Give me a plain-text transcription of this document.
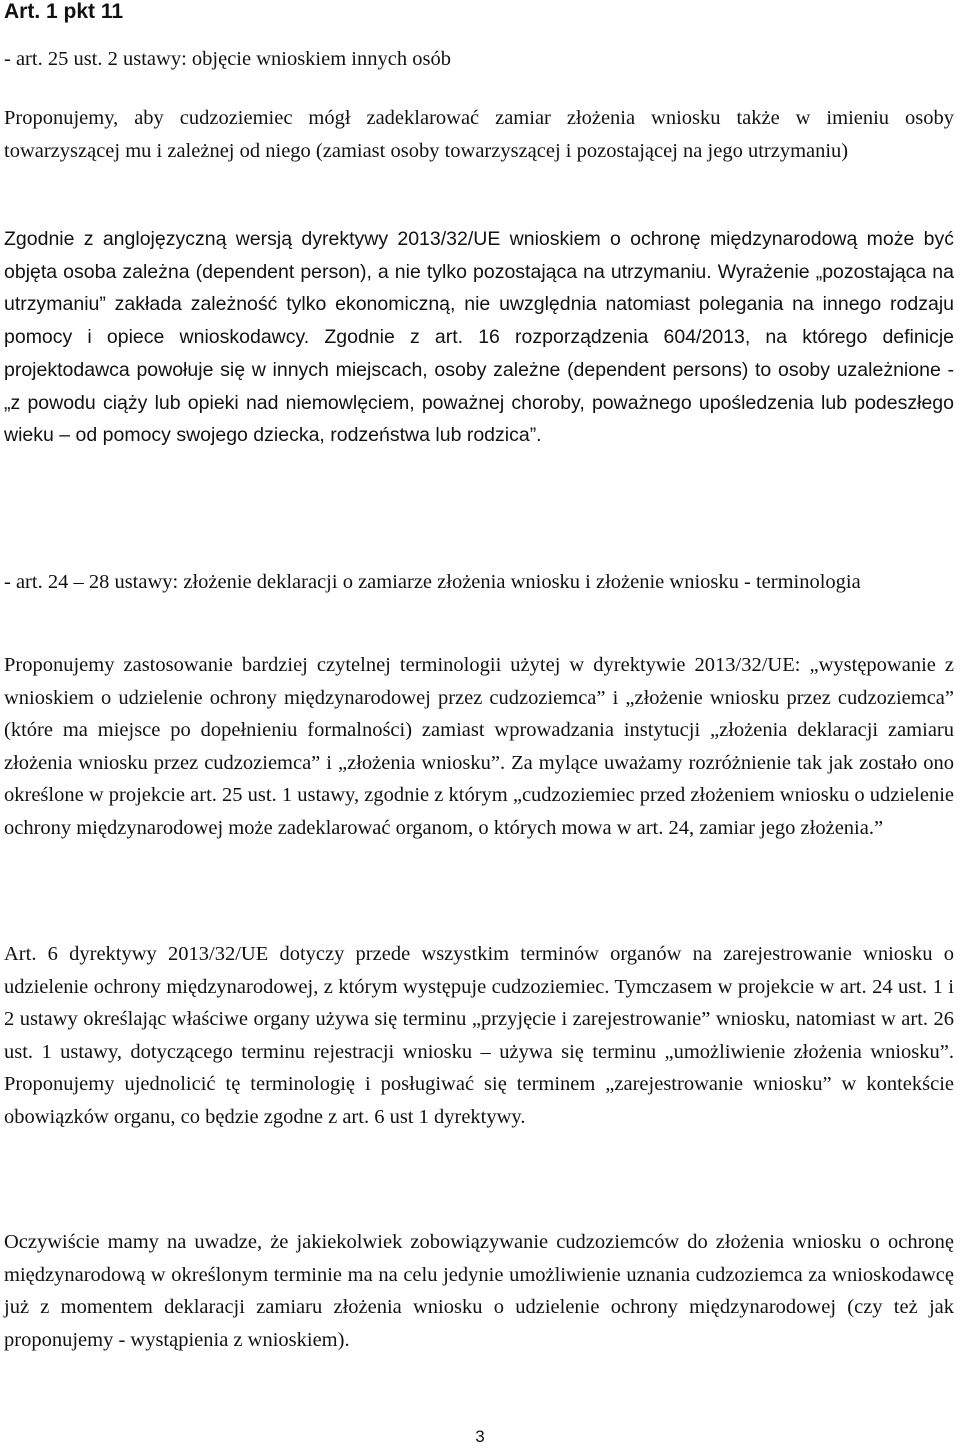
Art. 1 pkt 11

- art. 25 ust. 2 ustawy: objęcie wnioskiem innych osób

Proponujemy, aby cudzoziemiec mógł zadeklarować zamiar złożenia wniosku także w imieniu osoby towarzyszącej mu i zależnej od niego (zamiast osoby towarzyszącej i pozostającej na jego utrzymaniu)

Zgodnie z anglojęzyczną wersją dyrektywy 2013/32/UE wnioskiem o ochronę międzynarodową może być objęta osoba zależna (dependent person), a nie tylko pozostająca na utrzymaniu. Wyrażenie „pozostająca na utrzymaniu” zakłada zależność tylko ekonomiczną, nie uwzględnia natomiast polegania na innego rodzaju pomocy i opiece wnioskodawcy. Zgodnie z art. 16 rozporządzenia 604/2013, na którego definicje projektodawca powołuje się w innych miejscach, osoby zależne (dependent persons) to osoby uzależnione - „z powodu ciąży lub opieki nad niemowlęciem, poważnej choroby, poważnego upośledzenia lub podeszłego wieku – od pomocy swojego dziecka, rodzeństwa lub rodzica”.

- art. 24 – 28 ustawy: złożenie deklaracji o zamiarze złożenia wniosku i złożenie wniosku - terminologia

Proponujemy zastosowanie bardziej czytelnej terminologii użytej w dyrektywie 2013/32/UE: „występowanie z wnioskiem o udzielenie ochrony międzynarodowej przez cudzoziemca” i „złożenie wniosku przez cudzoziemca” (które ma miejsce po dopełnieniu formalności) zamiast wprowadzania instytucji „złożenia deklaracji zamiaru złożenia wniosku przez cudzoziemca” i „złożenia wniosku”. Za mylące uważamy rozróżnienie tak jak zostało ono określone w projekcie art. 25 ust. 1 ustawy, zgodnie z którym „cudzoziemiec przed złożeniem wniosku o udzielenie ochrony międzynarodowej może zadeklarować organom, o których mowa w art. 24, zamiar jego złożenia.”

Art. 6 dyrektywy 2013/32/UE dotyczy przede wszystkim terminów organów na zarejestrowanie wniosku o udzielenie ochrony międzynarodowej, z którym występuje cudzoziemiec. Tymczasem w projekcie w art. 24 ust. 1 i 2 ustawy określając właściwe organy używa się terminu „przyjęcie i zarejestrowanie” wniosku, natomiast w art. 26 ust. 1 ustawy, dotyczącego terminu rejestracji wniosku – używa się terminu „umożliwienie złożenia wniosku”. Proponujemy ujednolicić tę terminologię i posługiwać się terminem „zarejestrowanie wniosku” w kontekście obowiązków organu, co będzie zgodne z art. 6 ust 1 dyrektywy.

Oczywiście mamy na uwadze, że jakiekolwiek zobowiązywanie cudzoziemców do złożenia wniosku o ochronę międzynarodową w określonym terminie ma na celu jedynie umożliwienie uznania cudzoziemca za wnioskodawcę już z momentem deklaracji zamiaru złożenia wniosku o udzielenie ochrony międzynarodowej (czy też jak proponujemy - wystąpienia z wnioskiem).

3
